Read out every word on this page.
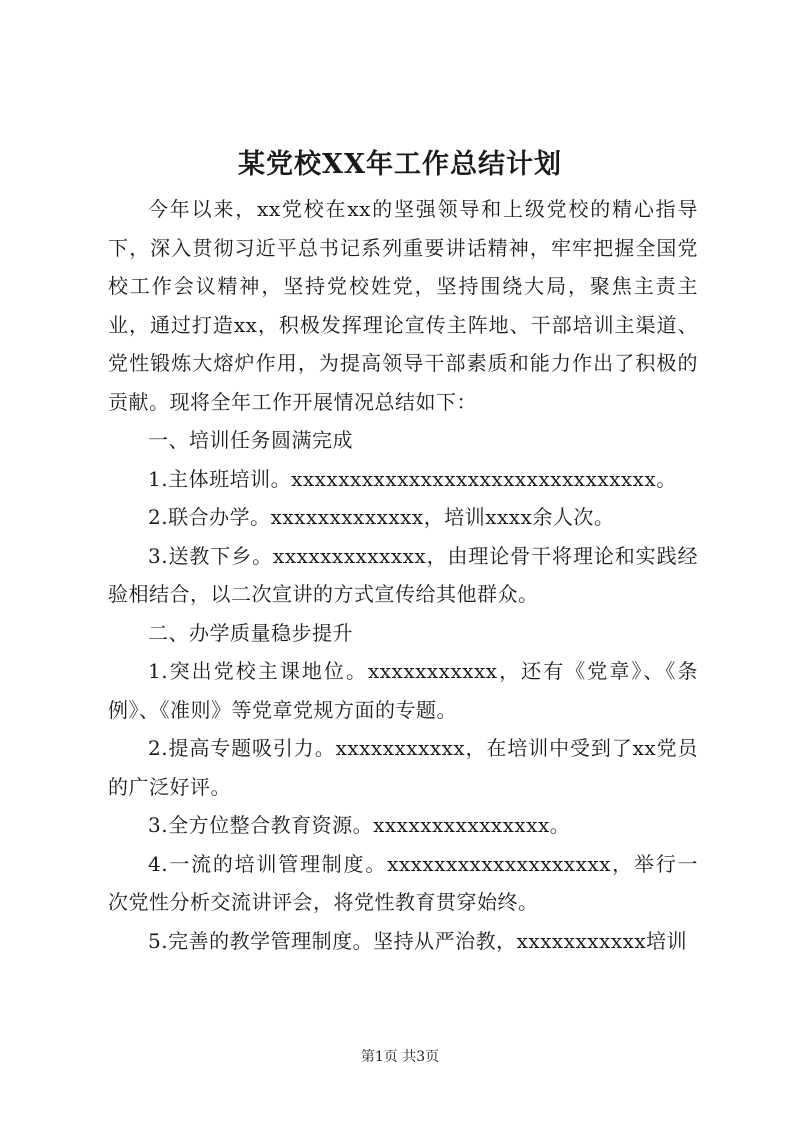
某党校XX年工作总结计划

今年以来，xx党校在xx的坚强领导和上级党校的精心指导下，深入贯彻习近平总书记系列重要讲话精神，牢牢把握全国党校工作会议精神，坚持党校姓党，坚持围绕大局，聚焦主责主业，通过打造xx，积极发挥理论宣传主阵地、干部培训主渠道、党性锻炼大熔炉作用，为提高领导干部素质和能力作出了积极的贡献。现将全年工作开展情况总结如下：

一、培训任务圆满完成

1.主体班培训。xxxxxxxxxxxxxxxxxxxxxxxxxxxxxxx。

2.联合办学。xxxxxxxxxxxxx，培训xxxx余人次。

3.送教下乡。xxxxxxxxxxxxx，由理论骨干将理论和实践经验相结合，以二次宣讲的方式宣传给其他群众。

二、办学质量稳步提升

1.突出党校主课地位。xxxxxxxxxxx，还有《党章》、《条例》、《准则》等党章党规方面的专题。

2.提高专题吸引力。xxxxxxxxxxx，在培训中受到了xx党员的广泛好评。

3.全方位整合教育资源。xxxxxxxxxxxxxxx。

4.一流的培训管理制度。xxxxxxxxxxxxxxxxxxx，举行一次党性分析交流讲评会，将党性教育贯穿始终。

5.完善的教学管理制度。坚持从严治教，xxxxxxxxxxx培训

第1页 共3页
